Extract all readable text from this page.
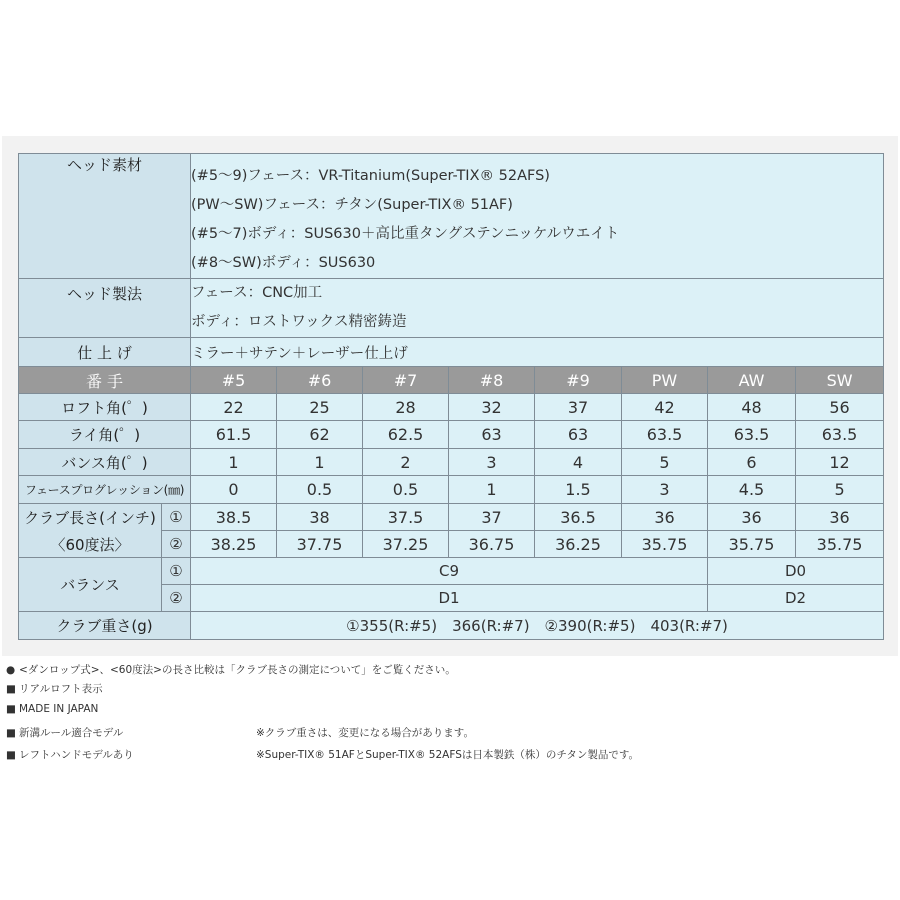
ヘッド素材		(#5〜9)フェース：VR-Titanium(Super-TIX® 52AFS)
(PW〜SW)フェース：チタン(Super-TIX® 51AF)
(#5〜7)ボディ：SUS630＋高比重タングステンニッケルウエイト
(#8〜SW)ボディ：SUS630							

ヘッド製法		フェース：CNC加工
ボディ：ロストワックス精密鋳造							

仕 上 げ		ミラー＋サテン＋レーザー仕上げ							

番 手		#5	#6	#7	#8	#9	PW	AW	SW
ロフト角(゜)		22	25	28	32	37	42	48	56
ライ角(゜)		61.5	62	62.5	63	63	63.5	63.5	63.5
バンス角(゜)		1	1	2	3	4	5	6	12
フェースプログレッション(㎜)		0	0.5	0.5	1	1.5	3	4.5	5

クラブ長さ(インチ)
〈60度法〉	①	38.5	38	37.5	37	36.5	36	36	36
	②	38.25	37.75	37.25	36.75	36.25	35.75	35.75	35.75
バランス	①	C9						D0	
	②	D1						D2	
クラブ重さ(g)		①355(R:#5)　366(R:#7)　②390(R:#5)　403(R:#7)							
● <ダンロップ式>、<60度法>の長さ比較は「クラブ長さの測定について」をご覧ください。
■ リアルロフト表示
■ MADE IN JAPAN
■ 新溝ルール適合モデル	※クラブ重さは、変更になる場合があります。
■ レフトハンドモデルあり	※Super-TIX® 51AFとSuper-TIX® 52AFSは日本製鉄（株）のチタン製品です。
